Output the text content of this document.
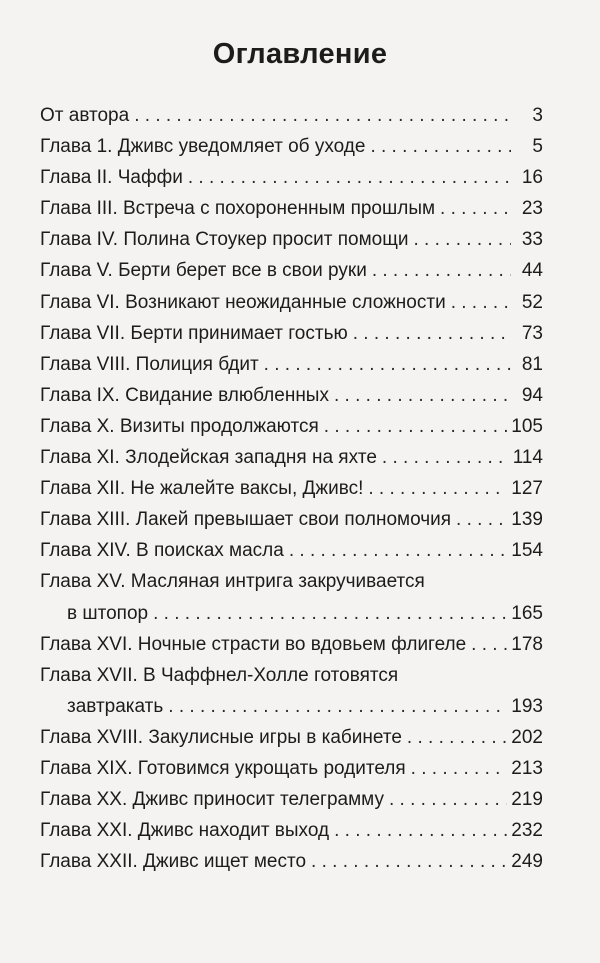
Оглавление
От автора . . .	3
Глава 1. Дживс уведомляет об уходе . . .	5
Глава II. Чаффи . . .	16
Глава III. Встреча с похороненным прошлым . . .	23
Глава IV. Полина Стоукер просит помощи . . .	33
Глава V. Берти берет все в свои руки . . .	44
Глава VI. Возникают неожиданные сложности . . .	52
Глава VII. Берти принимает гостью . . .	73
Глава VIII. Полиция бдит . . .	81
Глава IX. Свидание влюбленных . . .	94
Глава X. Визиты продолжаются . . .	105
Глава XI. Злодейская западня на яхте . . .	114
Глава XII. Не жалейте ваксы, Дживс! . . .	127
Глава XIII. Лакей превышает свои полномочия . . .	139
Глава XIV. В поисках масла . . .	154
Глава XV. Масляная интрига закручивается
в штопор . . .	165
Глава XVI. Ночные страсти во вдовьем флигеле . . . 178
Глава XVII. В Чаффнел-Холле готовятся
завтракать . . .	193
Глава XVIII. Закулисные игры в кабинете . . .	202
Глава XIX. Готовимся укрощать родителя . . .	213
Глава XX. Дживс приносит телеграмму . . .	219
Глава XXI. Дживс находит выход . . .	232
Глава XXII. Дживс ищет место . . .	249
